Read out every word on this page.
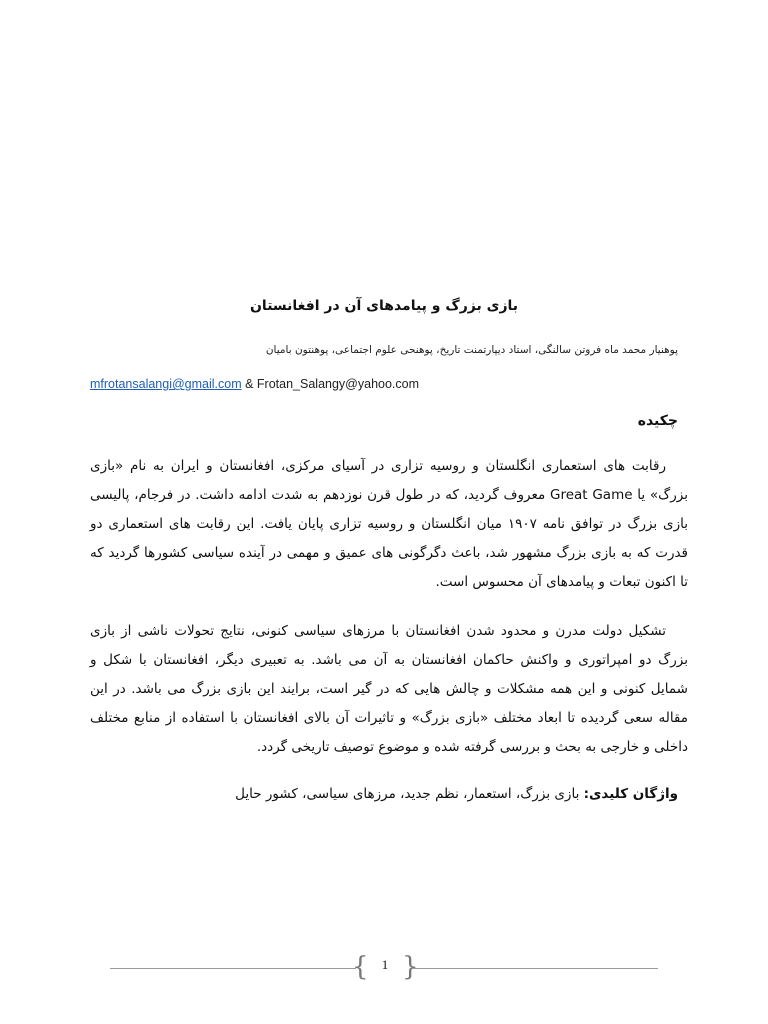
بازی بزرگ و پیامدهای آن در افغانستان
پوهنیار محمد ماه فروتن سالنگی، استاد دیپارتمنت تاریخ، پوهنحی علوم اجتماعی، پوهنتون بامیان
mfrotansalangi@gmail.com & Frotan_Salangy@yahoo.com
چکیده

رقابت های استعماری انگلستان و روسیه تزاری در آسیای مرکزی، افغانستان و ایران به نام «بازی بزرگ» یا Great Game معروف گردید، که در طول قرن نوزدهم به شدت ادامه داشت. در فرجام، پالیسی بازی بزرگ در توافق نامه ۱۹۰۷ میان انگلستان و روسیه تزاری پایان یافت. این رقابت های استعماری دو قدرت که به بازی بزرگ مشهور شد، باعث دگرگونی های عمیق و مهمی در آینده سیاسی کشورها گردید که تا اکنون تبعات و پیامدهای آن محسوس است.

تشکیل دولت مدرن و محدود شدن افغانستان با مرزهای سیاسی کنونی، نتایج تحولات ناشی از بازی بزرگ دو امپراتوری و واکنش حاکمان افغانستان به آن می باشد. به تعبیری دیگر، افغانستان با شکل و شمایل کنونی و این همه مشکلات و چالش هایی که در گیر است، برایند این بازی بزرگ می باشد. در این مقاله سعی گردیده تا ابعاد مختلف «بازی بزرگ» و تاثیرات آن بالای افغانستان با استفاده از منابع مختلف داخلی و خارجی به بحث و بررسی گرفته شده و موضوع توصیف تاریخی گردد.

واژگان کلیدی: بازی بزرگ، استعمار، نظم جدید، مرزهای سیاسی، کشور حایل
{	1 }
